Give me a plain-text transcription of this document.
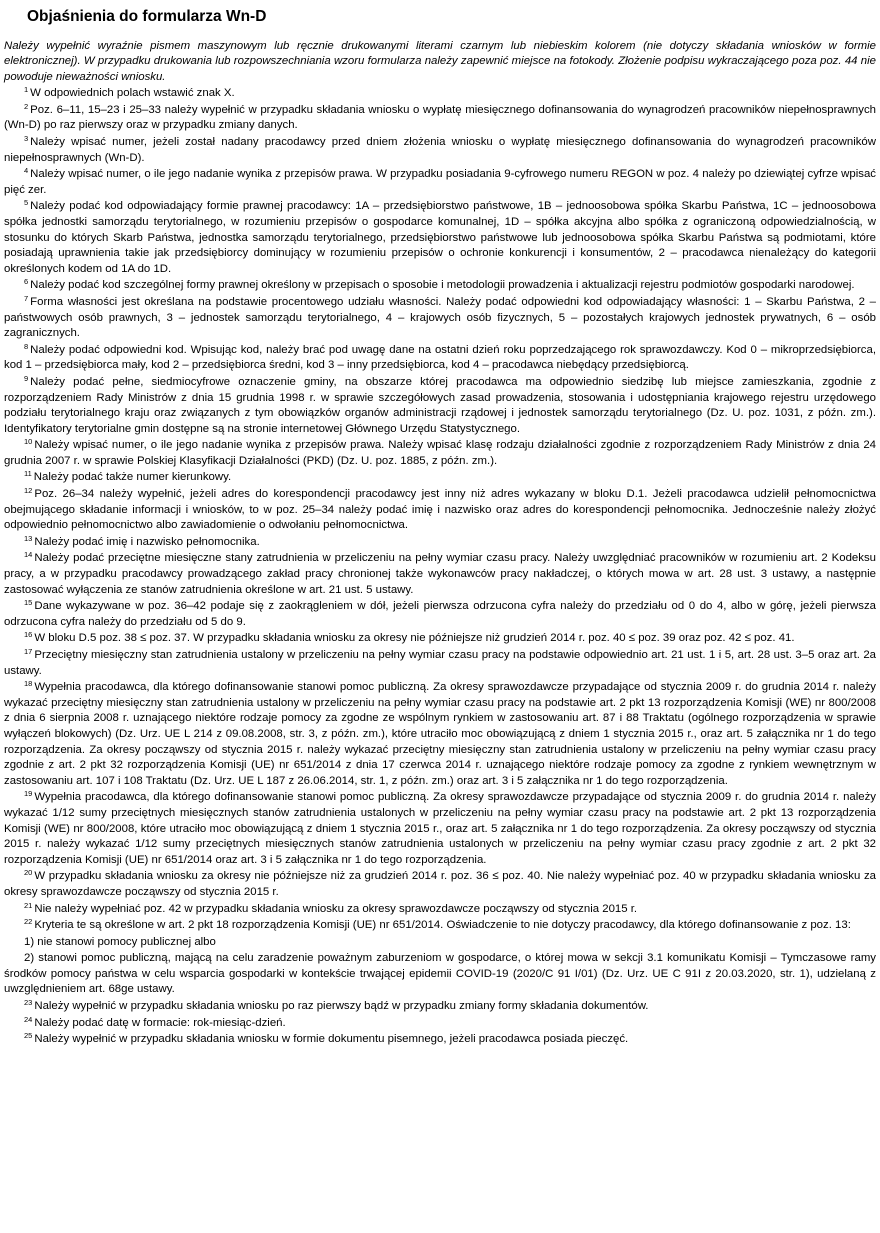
Objaśnienia do formularza Wn-D
Należy wypełnić wyraźnie pismem maszynowym lub ręcznie drukowanymi literami czarnym lub niebieskim kolorem (nie dotyczy składania wniosków w formie elektronicznej). W przypadku drukowania lub rozpowszechniania wzoru formularza należy zapewnić miejsce na fotokody. Złożenie podpisu wykraczającego poza poz. 44 nie powoduje nieważności wniosku.
$^1$ W odpowiednich polach wstawić znak X.
$^2$ Poz. 6–11, 15–23 i 25–33 należy wypełnić w przypadku składania wniosku o wypłatę miesięcznego dofinansowania do wynagrodzeń pracowników niepełnosprawnych (Wn-D) po raz pierwszy oraz w przypadku zmiany danych.
$^3$ Należy wpisać numer, jeżeli został nadany pracodawcy przed dniem złożenia wniosku o wypłatę miesięcznego dofinansowania do wynagrodzeń pracowników niepełnosprawnych (Wn-D).
$^4$ Należy wpisać numer, o ile jego nadanie wynika z przepisów prawa. W przypadku posiadania 9-cyfrowego numeru REGON w poz. 4 należy po dziewiątej cyfrze wpisać pięć zer.
$^5$ Należy podać kod odpowiadający formie prawnej pracodawcy: 1A – przedsiębiorstwo państwowe, 1B – jednoosobowa spółka Skarbu Państwa, 1C – jednoosobowa spółka jednostki samorządu terytorialnego, w rozumieniu przepisów o gospodarce komunalnej, 1D – spółka akcyjna albo spółka z ograniczoną odpowiedzialnością, w stosunku do których Skarb Państwa, jednostka samorządu terytorialnego, przedsiębiorstwo państwowe lub jednoosobowa spółka Skarbu Państwa są podmiotami, które posiadają uprawnienia takie jak przedsiębiorcy dominujący w rozumieniu przepisów o ochronie konkurencji i konsumentów, 2 – pracodawca nienależący do kategorii określonych kodem od 1A do 1D.
$^6$ Należy podać kod szczególnej formy prawnej określony w przepisach o sposobie i metodologii prowadzenia i aktualizacji rejestru podmiotów gospodarki narodowej.
$^7$ Forma własności jest określana na podstawie procentowego udziału własności. Należy podać odpowiedni kod odpowiadający własności: 1 – Skarbu Państwa, 2 – państwowych osób prawnych, 3 – jednostek samorządu terytorialnego, 4 – krajowych osób fizycznych, 5 – pozostałych krajowych jednostek prywatnych, 6 – osób zagranicznych.
$^8$ Należy podać odpowiedni kod. Wpisując kod, należy brać pod uwagę dane na ostatni dzień roku poprzedzającego rok sprawozdawczy. Kod 0 – mikroprzedsiębiorca, kod 1 – przedsiębiorca mały, kod 2 – przedsiębiorca średni, kod 3 – inny przedsiębiorca, kod 4 – pracodawca niebędący przedsiębiorcą.
$^9$ Należy podać pełne, siedmiocyfrowe oznaczenie gminy, na obszarze której pracodawca ma odpowiednio siedzibę lub miejsce zamieszkania, zgodnie z rozporządzeniem Rady Ministrów z dnia 15 grudnia 1998 r. w sprawie szczegółowych zasad prowadzenia, stosowania i udostępniania krajowego rejestru urzędowego podziału terytorialnego kraju oraz związanych z tym obowiązków organów administracji rządowej i jednostek samorządu terytorialnego (Dz. U. poz. 1031, z późn. zm.). Identyfikatory terytorialne gmin dostępne są na stronie internetowej Głównego Urzędu Statystycznego.
$^{10}$ Należy wpisać numer, o ile jego nadanie wynika z przepisów prawa. Należy wpisać klasę rodzaju działalności zgodnie z rozporządzeniem Rady Ministrów z dnia 24 grudnia 2007 r. w sprawie Polskiej Klasyfikacji Działalności (PKD) (Dz. U. poz. 1885, z późn. zm.).
$^{11}$ Należy podać także numer kierunkowy.
$^{12}$ Poz. 26–34 należy wypełnić, jeżeli adres do korespondencji pracodawcy jest inny niż adres wykazany w bloku D.1. Jeżeli pracodawca udzielił pełnomocnictwa obejmującego składanie informacji i wniosków, to w poz. 25–34 należy podać imię i nazwisko oraz adres do korespondencji pełnomocnika. Jednocześnie należy złożyć odpowiednio pełnomocnictwo albo zawiadomienie o odwołaniu pełnomocnictwa.
$^{13}$ Należy podać imię i nazwisko pełnomocnika.
$^{14}$ Należy podać przeciętne miesięczne stany zatrudnienia w przeliczeniu na pełny wymiar czasu pracy. Należy uwzględniać pracowników w rozumieniu art. 2 Kodeksu pracy, a w przypadku pracodawcy prowadzącego zakład pracy chronionej także wykonawców pracy nakładczej, o których mowa w art. 28 ust. 3 ustawy, a następnie zastosować wyłączenia ze stanów zatrudnienia określone w art. 21 ust. 5 ustawy.
$^{15}$ Dane wykazywane w poz. 36–42 podaje się z zaokrągleniem w dół, jeżeli pierwsza odrzucona cyfra należy do przedziału od 0 do 4, albo w górę, jeżeli pierwsza odrzucona cyfra należy do przedziału od 5 do 9.
$^{16}$ W bloku D.5 poz. 38 ≤ poz. 37. W przypadku składania wniosku za okresy nie późniejsze niż grudzień 2014 r. poz. 40 ≤ poz. 39 oraz poz. 42 ≤ poz. 41.
$^{17}$ Przeciętny miesięczny stan zatrudnienia ustalony w przeliczeniu na pełny wymiar czasu pracy na podstawie odpowiednio art. 21 ust. 1 i 5, art. 28 ust. 3–5 oraz art. 2a ustawy.
$^{18}$ Wypełnia pracodawca, dla którego dofinansowanie stanowi pomoc publiczną. Za okresy sprawozdawcze przypadające od stycznia 2009 r. do grudnia 2014 r. należy wykazać przeciętny miesięczny stan zatrudnienia ustalony w przeliczeniu na pełny wymiar czasu pracy na podstawie art. 2 pkt 13 rozporządzenia Komisji (WE) nr 800/2008 z dnia 6 sierpnia 2008 r. uznającego niektóre rodzaje pomocy za zgodne ze wspólnym rynkiem w zastosowaniu art. 87 i 88 Traktatu (ogólnego rozporządzenia w sprawie wyłączeń blokowych) (Dz. Urz. UE L 214 z 09.08.2008, str. 3, z późn. zm.), które utraciło moc obowiązującą z dniem 1 stycznia 2015 r., oraz art. 5 załącznika nr 1 do tego rozporządzenia. Za okresy począwszy od stycznia 2015 r. należy wykazać przeciętny miesięczny stan zatrudnienia ustalony w przeliczeniu na pełny wymiar czasu pracy zgodnie z art. 2 pkt 32 rozporządzenia Komisji (UE) nr 651/2014 z dnia 17 czerwca 2014 r. uznającego niektóre rodzaje pomocy za zgodne z rynkiem wewnętrznym w zastosowaniu art. 107 i 108 Traktatu (Dz. Urz. UE L 187 z 26.06.2014, str. 1, z późn. zm.) oraz art. 3 i 5 załącznika nr 1 do tego rozporządzenia.
$^{19}$ Wypełnia pracodawca, dla którego dofinansowanie stanowi pomoc publiczną. Za okresy sprawozdawcze przypadające od stycznia 2009 r. do grudnia 2014 r. należy wykazać 1/12 sumy przeciętnych miesięcznych stanów zatrudnienia ustalonych w przeliczeniu na pełny wymiar czasu pracy na podstawie art. 2 pkt 13 rozporządzenia Komisji (WE) nr 800/2008, które utraciło moc obowiązującą z dniem 1 stycznia 2015 r., oraz art. 5 załącznika nr 1 do tego rozporządzenia. Za okresy począwszy od stycznia 2015 r. należy wykazać 1/12 sumy przeciętnych miesięcznych stanów zatrudnienia ustalonych w przeliczeniu na pełny wymiar czasu pracy zgodnie z art. 2 pkt 32 rozporządzenia Komisji (UE) nr 651/2014 oraz art. 3 i 5 załącznika nr 1 do tego rozporządzenia.
$^{20}$ W przypadku składania wniosku za okresy nie późniejsze niż za grudzień 2014 r. poz. 36 ≤ poz. 40. Nie należy wypełniać poz. 40 w przypadku składania wniosku za okresy sprawozdawcze począwszy od stycznia 2015 r.
$^{21}$ Nie należy wypełniać poz. 42 w przypadku składania wniosku za okresy sprawozdawcze począwszy od stycznia 2015 r.
$^{22}$ Kryteria te są określone w art. 2 pkt 18 rozporządzenia Komisji (UE) nr 651/2014. Oświadczenie to nie dotyczy pracodawcy, dla którego dofinansowanie z poz. 13:
1) nie stanowi pomocy publicznej albo
2) stanowi pomoc publiczną, mającą na celu zaradzenie poważnym zaburzeniom w gospodarce, o której mowa w sekcji 3.1 komunikatu Komisji – Tymczasowe ramy środków pomocy państwa w celu wsparcia gospodarki w kontekście trwającej epidemii COVID-19 (2020/C 91 I/01) (Dz. Urz. UE C 91I z 20.03.2020, str. 1), udzielaną z uwzględnieniem art. 68ge ustawy.
$^{23}$ Należy wypełnić w przypadku składania wniosku po raz pierwszy bądź w przypadku zmiany formy składania dokumentów.
$^{24}$ Należy podać datę w formacie: rok-miesiąc-dzień.
$^{25}$ Należy wypełnić w przypadku składania wniosku w formie dokumentu pisemnego, jeżeli pracodawca posiada pieczęć.
